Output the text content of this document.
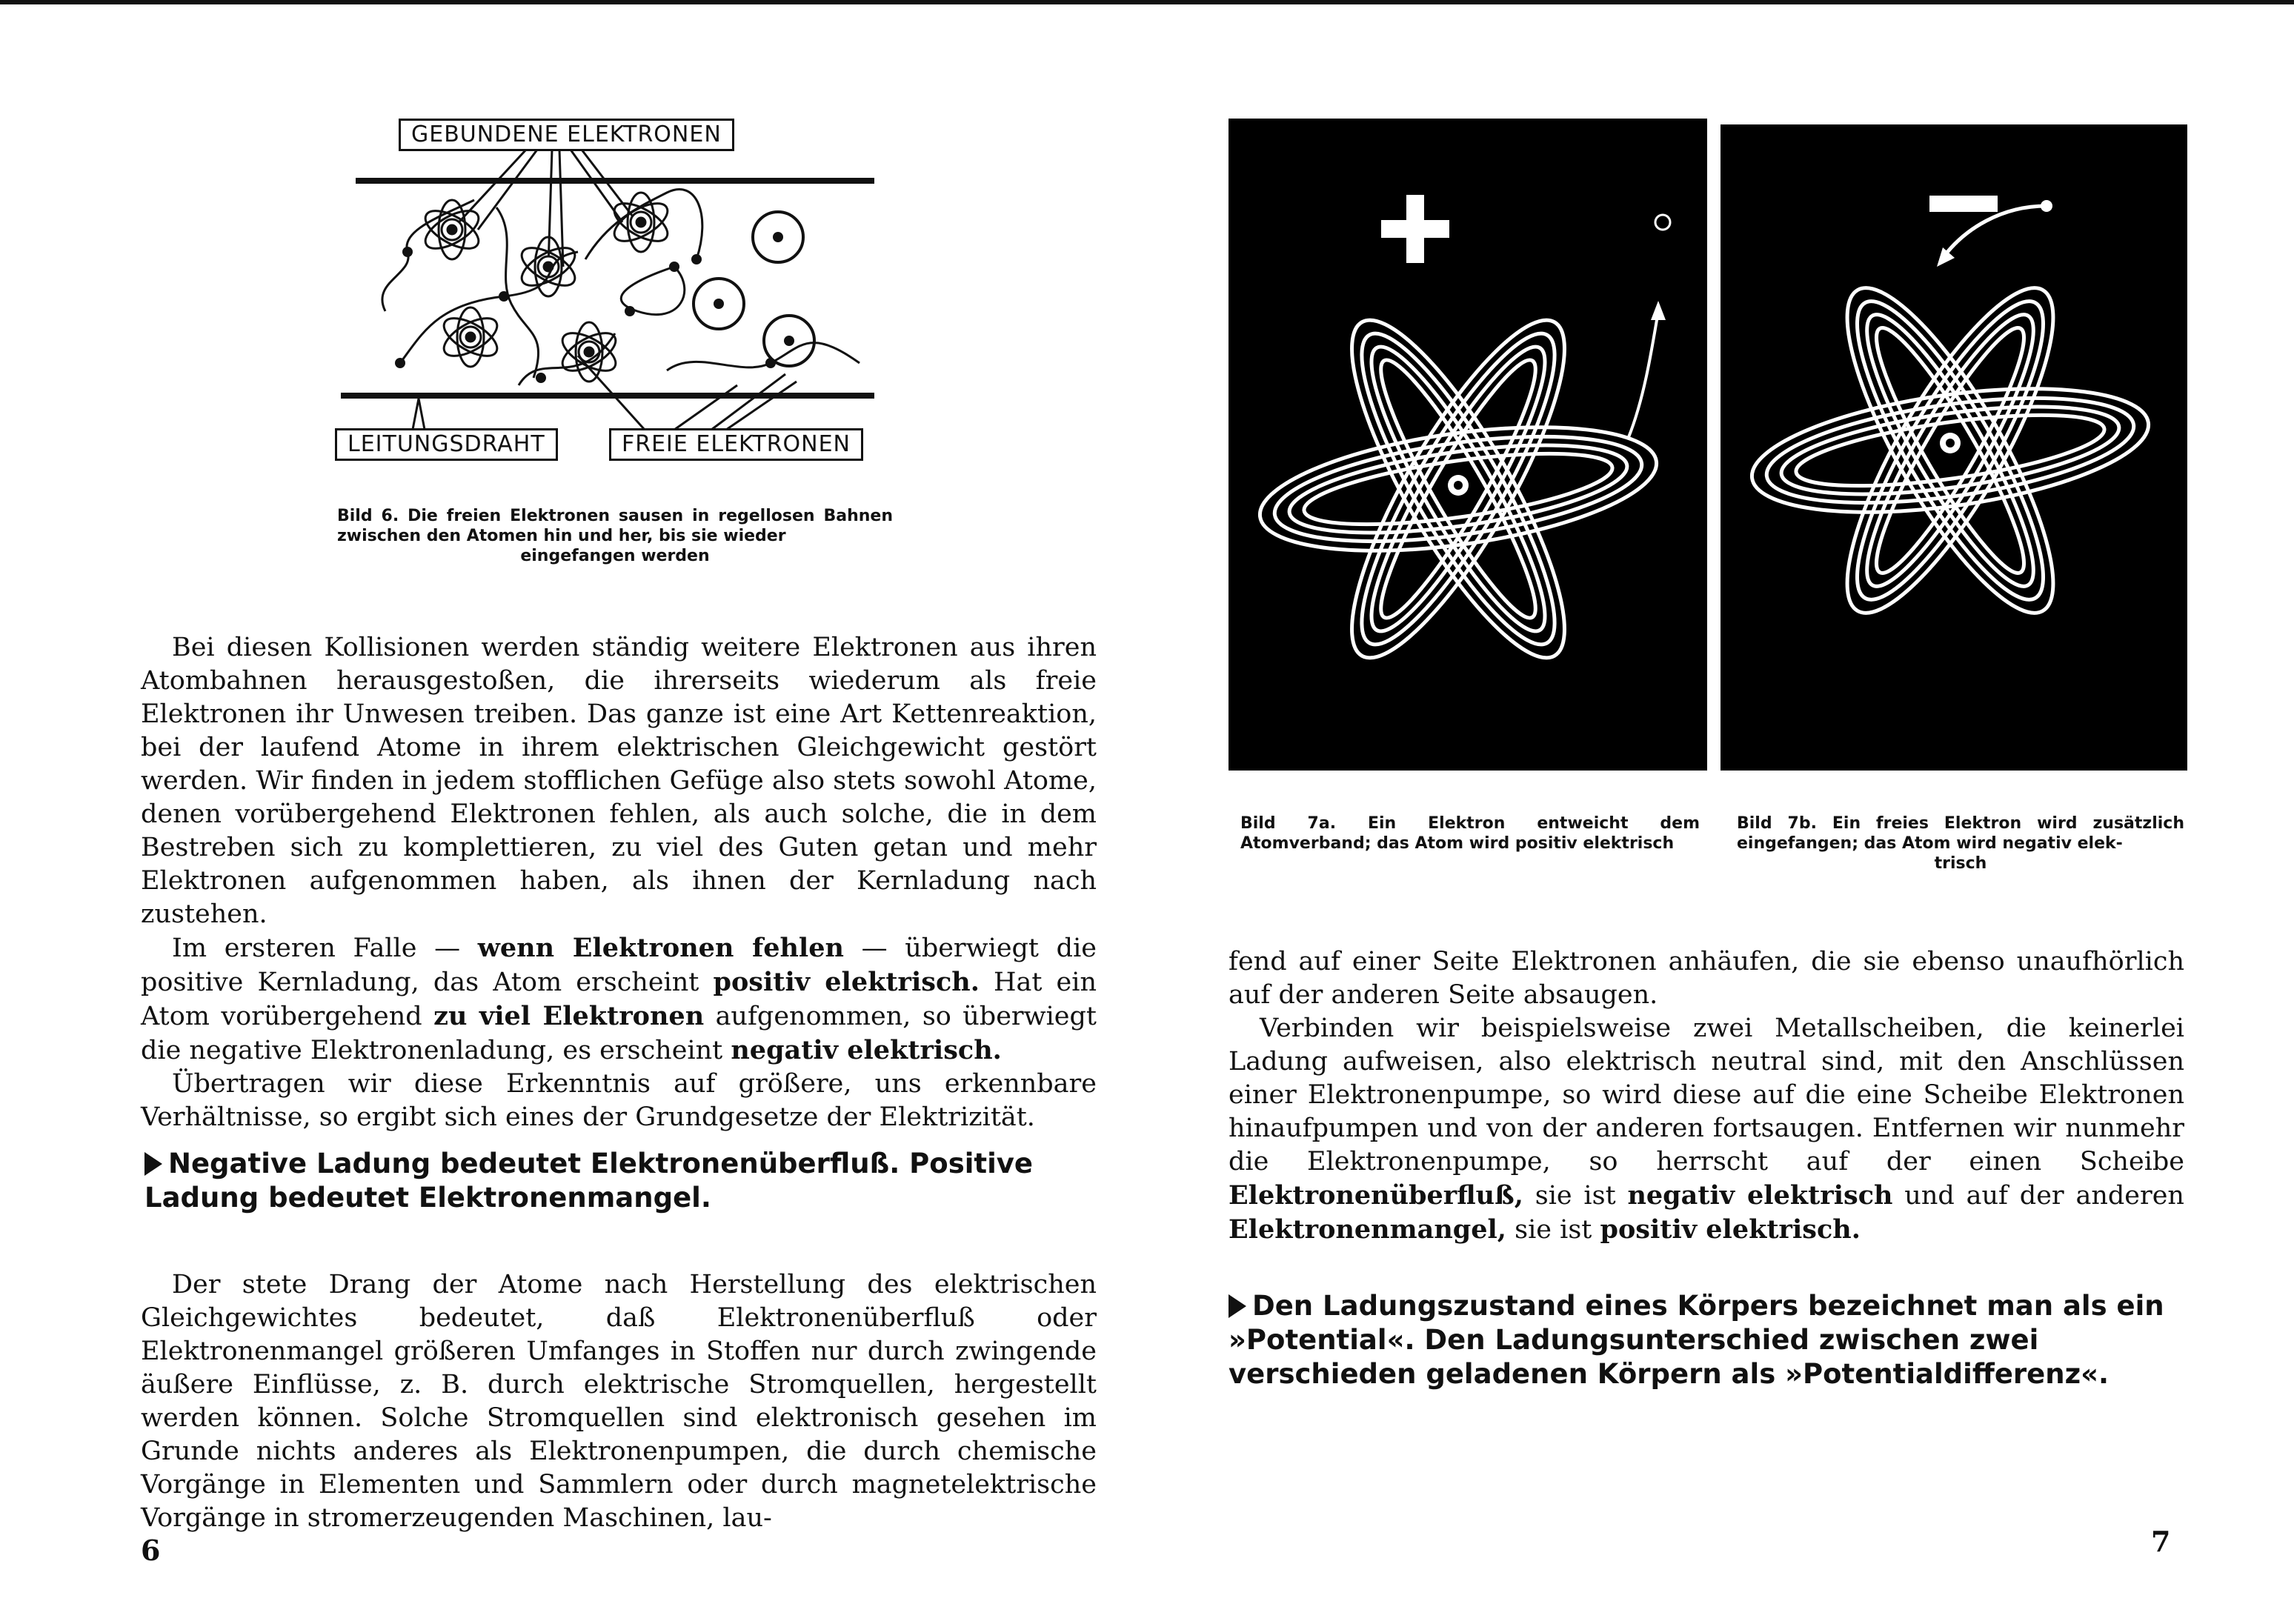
GEBUNDENE ELEKTRONEN
LEITUNGSDRAHT	FREIE ELEKTRONEN
Bild 6. Die freien Elektronen sausen in regellosen Bahnen zwischen den Atomen hin und her, bis sie wieder
eingefangen werden

Bei diesen Kollisionen werden ständig weitere Elektronen aus ihren Atombahnen herausgestoßen, die ihrerseits wiederum als freie Elektronen ihr Unwesen treiben. Das ganze ist eine Art Kettenreaktion, bei der laufend Atome in ihrem elektrischen Gleichgewicht gestört werden. Wir finden in jedem stofflichen Gefüge also stets sowohl Atome, denen vorübergehend Elektronen fehlen, als auch solche, die in dem Bestreben sich zu komplettieren, zu viel des Guten getan und mehr Elektronen aufgenommen haben, als ihnen der Kernladung nach zustehen.

Im ersteren Falle — wenn Elektronen fehlen — überwiegt die positive Kernladung, das Atom erscheint positiv elektrisch. Hat ein Atom vorübergehend zu viel Elektronen aufgenommen, so überwiegt die negative Elektronenladung, es erscheint negativ elektrisch.

Übertragen wir diese Erkenntnis auf größere, uns erkennbare Verhältnisse, so ergibt sich eines der Grundgesetze der Elektrizität.

Negative Ladung bedeutet Elektronenüberfluß. Positive Ladung bedeutet Elektronenmangel.

Der stete Drang der Atome nach Herstellung des elektrischen Gleichgewichtes bedeutet, daß Elektronenüberfluß oder Elektronenmangel größeren Umfanges in Stoffen nur durch zwingende äußere Einflüsse, z. B. durch elektrische Stromquellen, hergestellt werden können. Solche Stromquellen sind elektronisch gesehen im Grunde nichts anderes als Elektronenpumpen, die durch chemische Vorgänge in Elementen und Sammlern oder durch magnetelektrische Vorgänge in stromerzeugenden Maschinen, lau-

6
Bild 7a. Ein Elektron entweicht dem Atomverband; das Atom wird positiv elektrisch
Bild 7b. Ein freies Elektron wird zusätzlich eingefangen; das Atom wird negativ elek-
trisch

fend auf einer Seite Elektronen anhäufen, die sie ebenso unaufhörlich auf der anderen Seite absaugen.

Verbinden wir beispielsweise zwei Metallscheiben, die keinerlei Ladung aufweisen, also elektrisch neutral sind, mit den Anschlüssen einer Elektronenpumpe, so wird diese auf die eine Scheibe Elektronen hinaufpumpen und von der anderen fortsaugen. Entfernen wir nunmehr die Elektronenpumpe, so herrscht auf der einen Scheibe Elektronenüberfluß, sie ist negativ elektrisch und auf der anderen Elektronenmangel, sie ist positiv elektrisch.

Den Ladungszustand eines Körpers bezeichnet man als ein »Potential«. Den Ladungsunterschied zwischen zwei verschieden geladenen Körpern als »Potentialdifferenz«.
7
